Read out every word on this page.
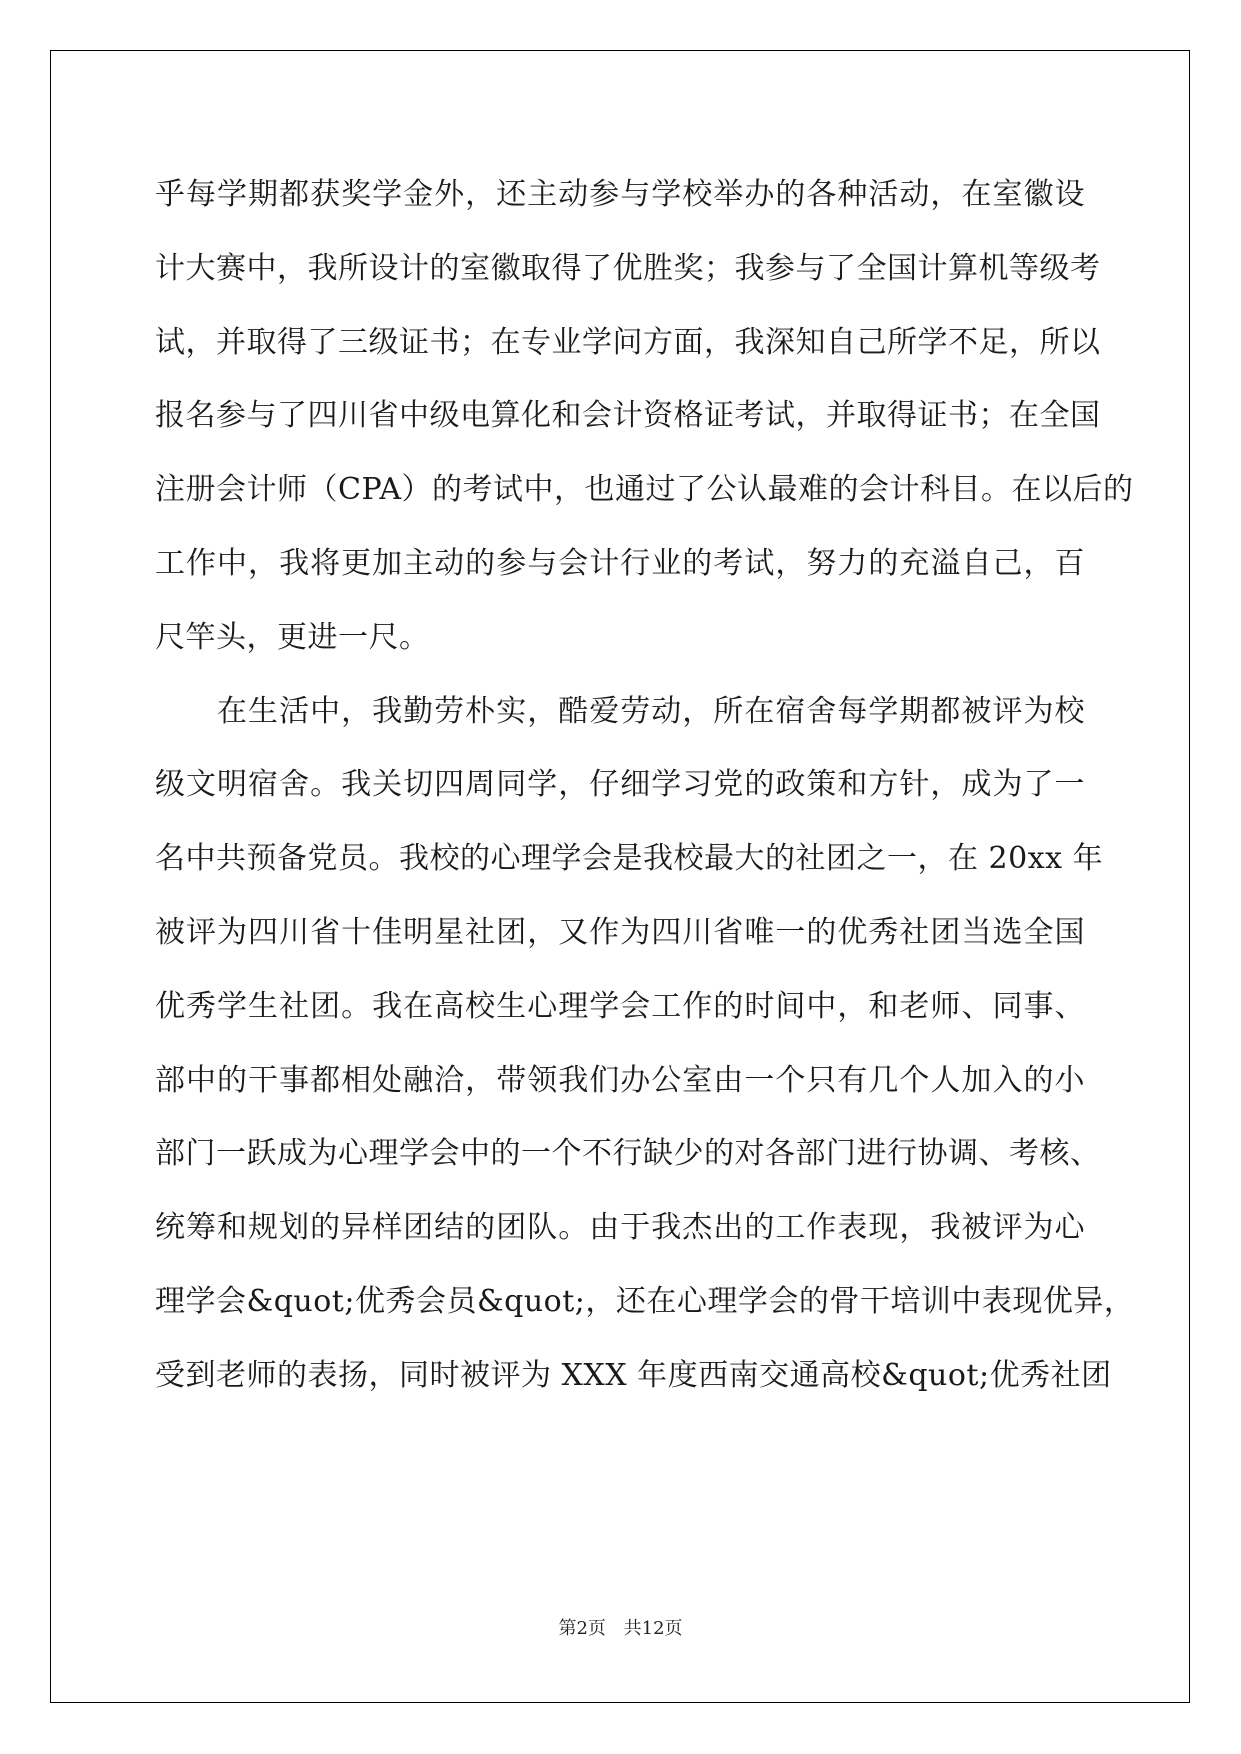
乎每学期都获奖学金外，还主动参与学校举办的各种活动，在室徽设
计大赛中，我所设计的室徽取得了优胜奖；我参与了全国计算机等级考
试，并取得了三级证书；在专业学问方面，我深知自己所学不足，所以
报名参与了四川省中级电算化和会计资格证考试，并取得证书；在全国
注册会计师（CPA）的考试中，也通过了公认最难的会计科目。在以后的
工作中，我将更加主动的参与会计行业的考试，努力的充溢自己，百
尺竿头，更进一尺。
　　在生活中，我勤劳朴实，酷爱劳动，所在宿舍每学期都被评为校
级文明宿舍。我关切四周同学，仔细学习党的政策和方针，成为了一
名中共预备党员。我校的心理学会是我校最大的社团之一，在 20xx 年
被评为四川省十佳明星社团，又作为四川省唯一的优秀社团当选全国
优秀学生社团。我在高校生心理学会工作的时间中，和老师、同事、
部中的干事都相处融洽，带领我们办公室由一个只有几个人加入的小
部门一跃成为心理学会中的一个不行缺少的对各部门进行协调、考核、
统筹和规划的异样团结的团队。由于我杰出的工作表现，我被评为心
理学会&quot;优秀会员&quot;，还在心理学会的骨干培训中表现优异，
受到老师的表扬，同时被评为 XXX 年度西南交通高校&quot;优秀社团
第2页 共12页
